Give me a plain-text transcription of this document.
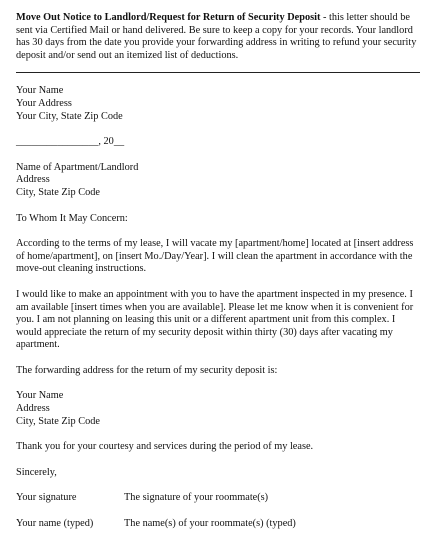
Move Out Notice to Landlord/Request for Return of Security Deposit - this letter should be sent via Certified Mail or hand delivered. Be sure to keep a copy for your records. Your landlord has 30 days from the date you provide your forwarding address in writing to refund your security deposit and/or send out an itemized list of deductions.

Your Name
Your Address
Your City, State Zip Code
________________, 20__
Name of Apartment/Landlord
Address
City, State Zip Code

To Whom It May Concern:

According to the terms of my lease, I will vacate my [apartment/home] located at [insert address of home/apartment], on [insert Mo./Day/Year]. I will clean the apartment in accordance with the move-out cleaning instructions.

I would like to make an appointment with you to have the apartment inspected in my presence. I am available [insert times when you are available]. Please let me know when it is convenient for you. I am not planning on leasing this unit or a different apartment unit from this complex. I would appreciate the return of my security deposit within thirty (30) days after vacating my apartment.

The forwarding address for the return of my security deposit is:

Your Name
Address
City, State Zip Code

Thank you for your courtesy and services during the period of my lease.

Sincerely,

Your signature	The signature of your roommate(s)
Your name (typed)	The name(s) of your roommate(s) (typed)
